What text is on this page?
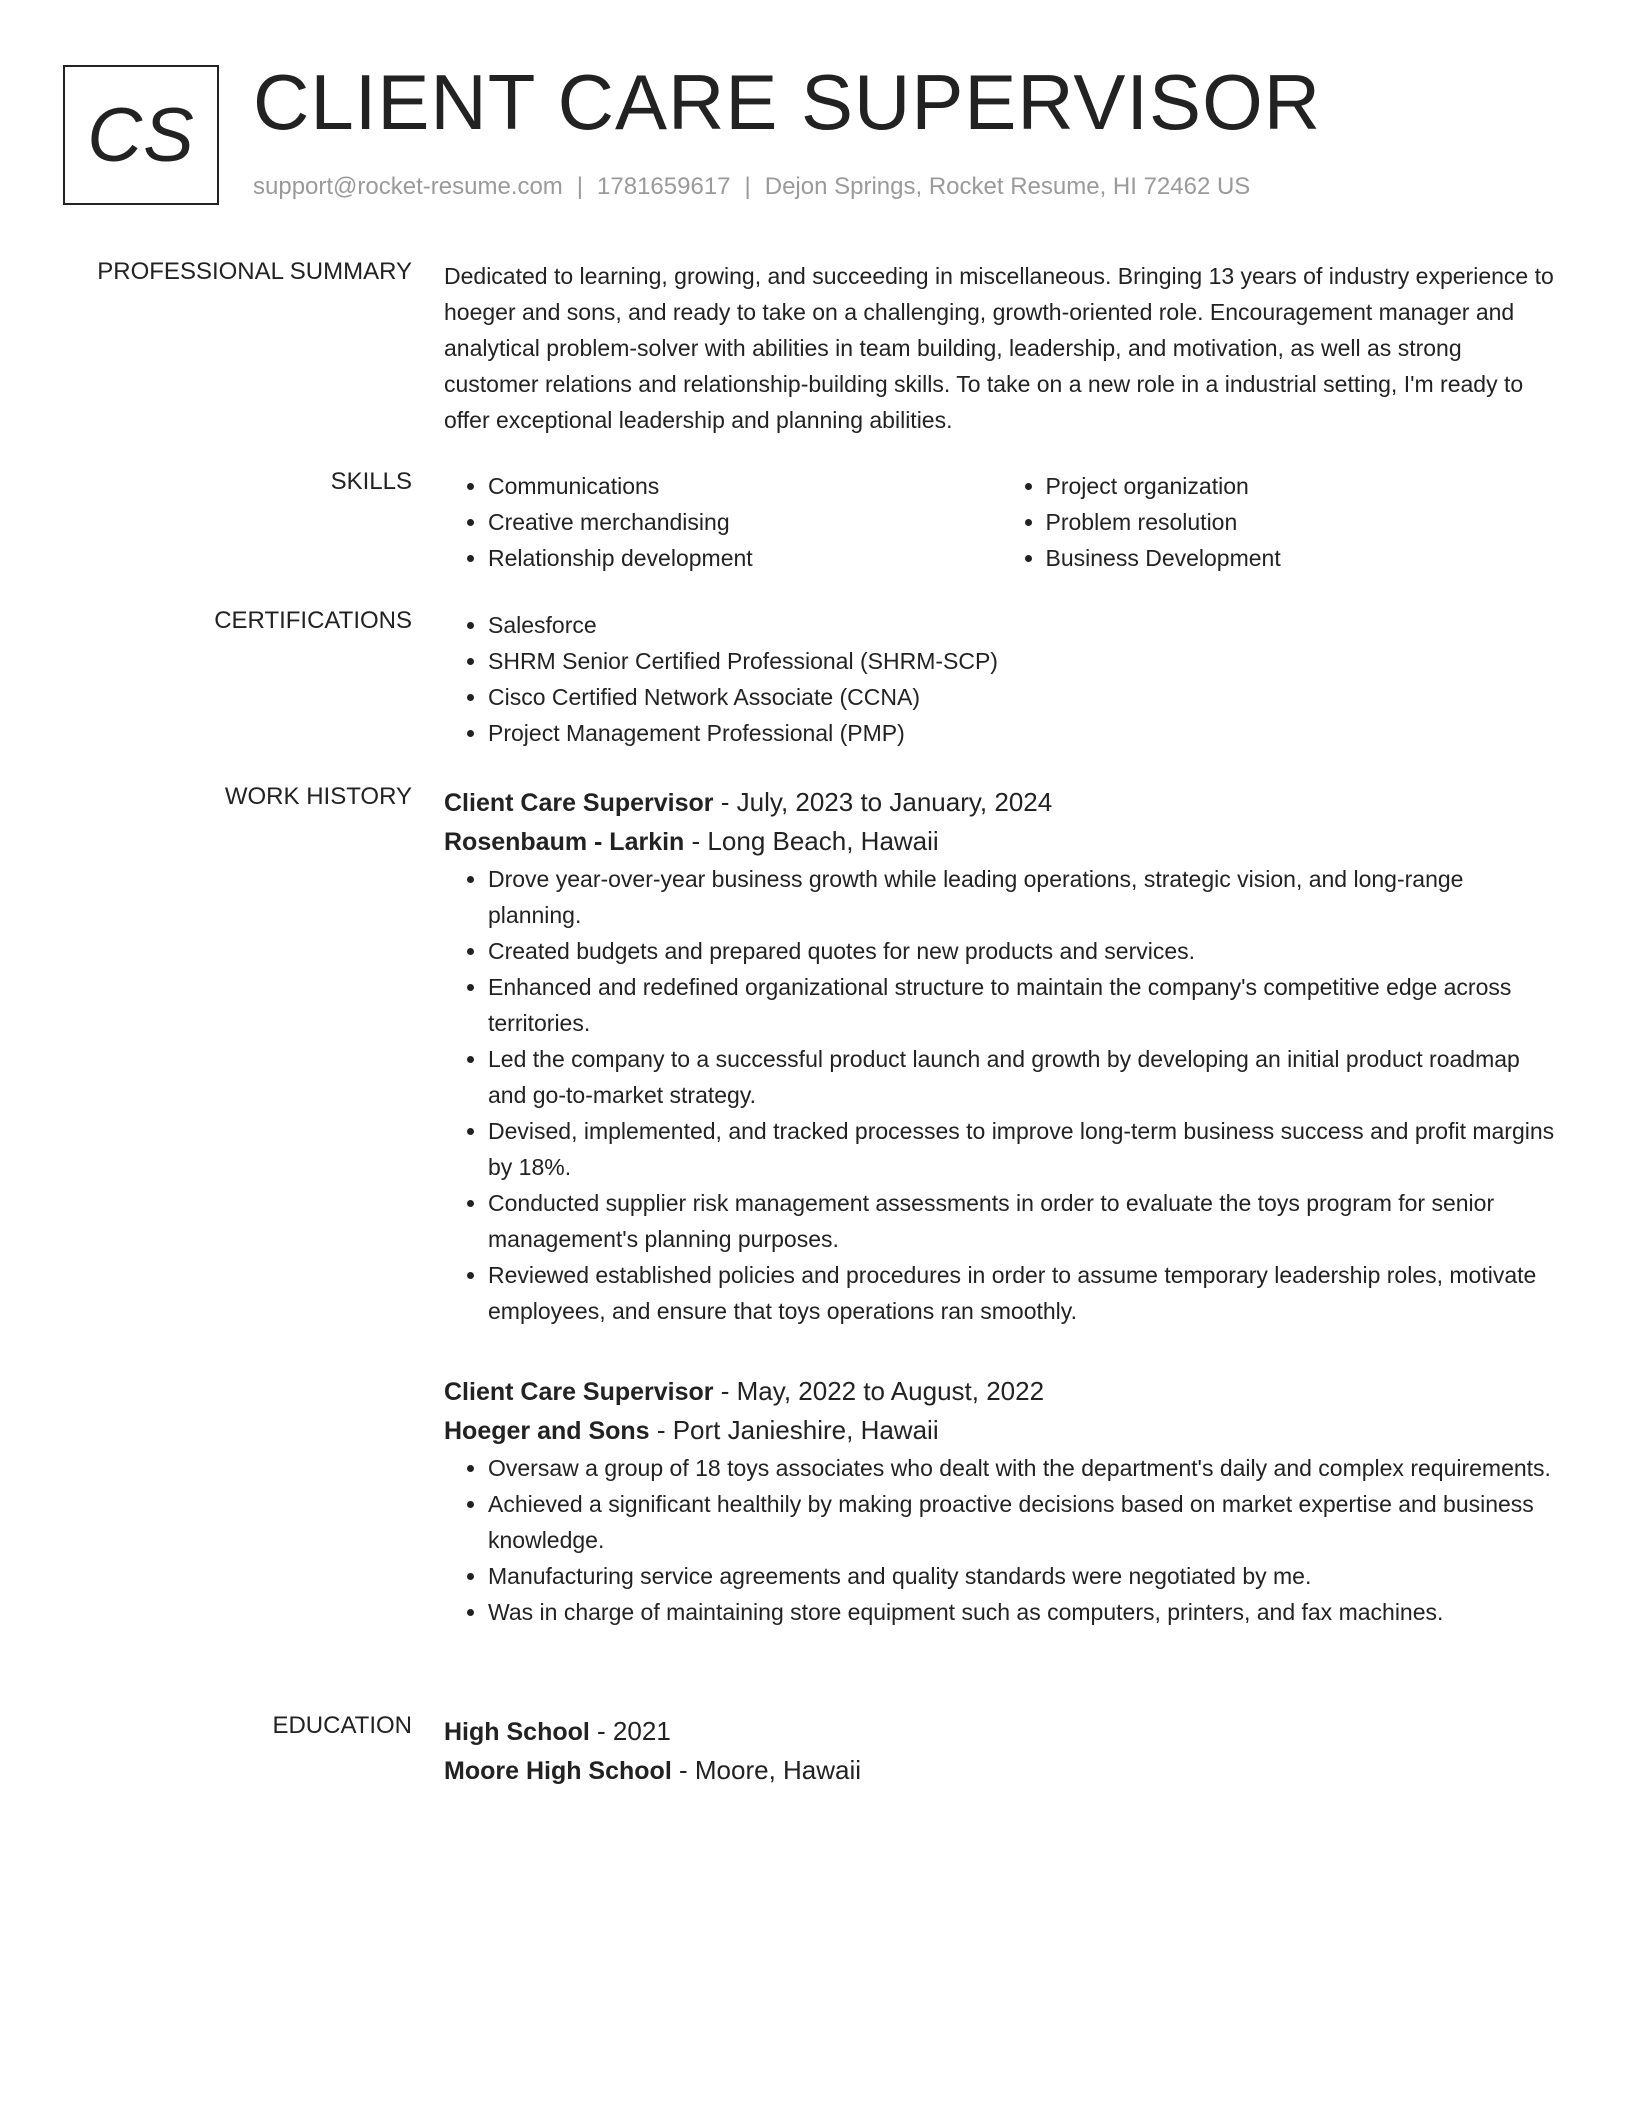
CS CLIENT CARE SUPERVISOR
support@rocket-resume.com | 1781659617 | Dejon Springs, Rocket Resume, HI 72462 US
PROFESSIONAL SUMMARY Dedicated to learning, growing, and succeeding in miscellaneous. Bringing 13 years of industry experience to hoeger and sons, and ready to take on a challenging, growth-oriented role. Encouragement manager and analytical problem-solver with abilities in team building, leadership, and motivation, as well as strong customer relations and relationship-building skills. To take on a new role in a industrial setting, I'm ready to offer exceptional leadership and planning abilities.

SKILLS	• Communications
• Creative merchandising
• Relationship development
• Project organization
• Problem resolution
• Business Development
CERTIFICATIONS	• Salesforce
• SHRM Senior Certified Professional (SHRM-SCP)
• Cisco Certified Network Associate (CCNA)
• Project Management Professional (PMP)
WORK HISTORY Client Care Supervisor - July, 2023 to January, 2024
Rosenbaum - Larkin - Long Beach, Hawaii
• Drove year-over-year business growth while leading operations, strategic vision, and long-range planning.
• Created budgets and prepared quotes for new products and services.
• Enhanced and redefined organizational structure to maintain the company's competitive edge across territories.
• Led the company to a successful product launch and growth by developing an initial product roadmap and go-to-market strategy.
• Devised, implemented, and tracked processes to improve long-term business success and profit margins by 18%.
• Conducted supplier risk management assessments in order to evaluate the toys program for senior management's planning purposes.
• Reviewed established policies and procedures in order to assume temporary leadership roles, motivate employees, and ensure that toys operations ran smoothly.
Client Care Supervisor - May, 2022 to August, 2022
Hoeger and Sons - Port Janieshire, Hawaii
• Oversaw a group of 18 toys associates who dealt with the department's daily and complex requirements.
• Achieved a significant healthily by making proactive decisions based on market expertise and business knowledge.
• Manufacturing service agreements and quality standards were negotiated by me.
• Was in charge of maintaining store equipment such as computers, printers, and fax machines.
EDUCATION High School - 2021
Moore High School - Moore, Hawaii
